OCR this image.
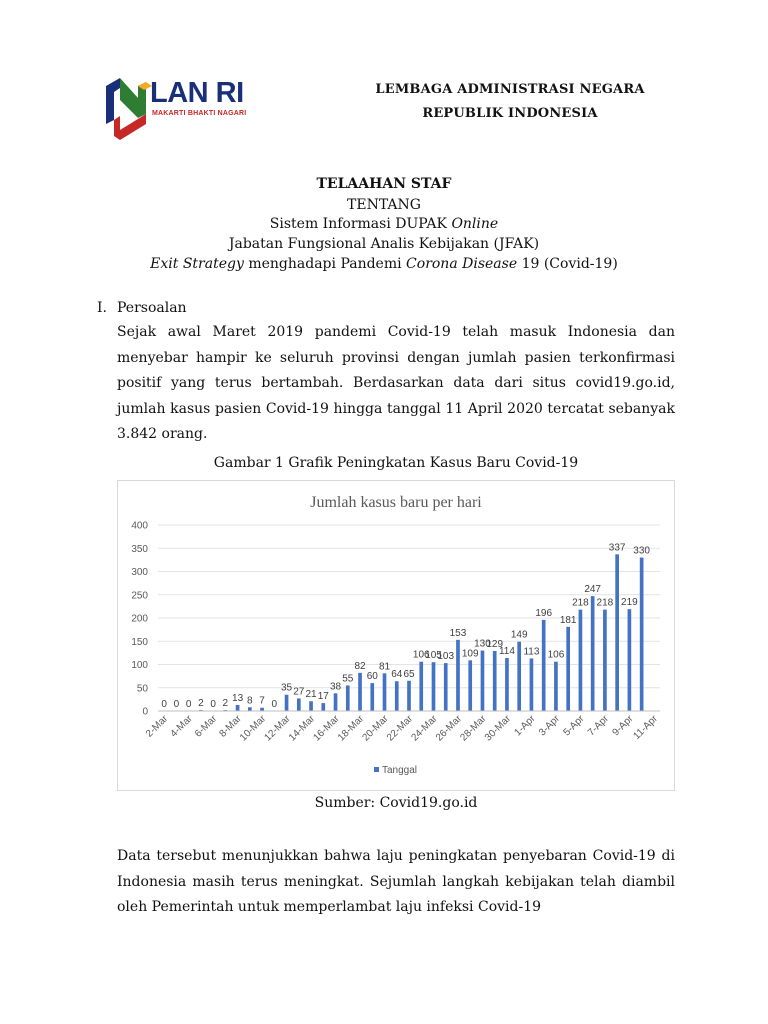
LAN RI
MAKARTI BHAKTI NAGARI
LEMBAGA ADMINISTRASI NEGARA
REPUBLIK INDONESIA
TELAAHAN STAF
TENTANG
Sistem Informasi DUPAK Online
Jabatan Fungsional Analis Kebijakan (JFAK)
Exit Strategy menghadapi Pandemi Corona Disease 19 (Covid-19)
I. Persoalan

Sejak awal Maret 2019 pandemi Covid-19 telah masuk Indonesia dan menyebar hampir ke seluruh provinsi dengan jumlah pasien terkonfirmasi positif yang terus bertambah. Berdasarkan data dari situs covid19.go.id, jumlah kasus pasien Covid-19 hingga tanggal 11 April 2020 tercatat sebanyak 3.842 orang.

Gambar 1 Grafik Peningkatan Kasus Baru Covid-19
Jumlah kasus baru per hari
0
50
100
150
200
250
300
350
400
0 0 0 2 0 2 13 8 7 0
35 27 21 17
38
55
82
60
81
64 65
106
105
103
153
109
130
129
114
149
113
196
106
181
218
247
218
337
219
330
2-Mar
4-Mar
6-Mar
8-Mar
10-Mar
12-Mar
14-Mar
16-Mar
18-Mar
20-Mar
22-Mar
24-Mar
26-Mar
28-Mar
30-Mar 1-Apr 3-Apr 5-Apr 7-Apr 9-Apr
11-Apr
Tanggal
Sumber: Covid19.go.id

Data tersebut menunjukkan bahwa laju peningkatan penyebaran Covid-19 di Indonesia masih terus meningkat. Sejumlah langkah kebijakan telah diambil oleh Pemerintah untuk memperlambat laju infeksi Covid-19
